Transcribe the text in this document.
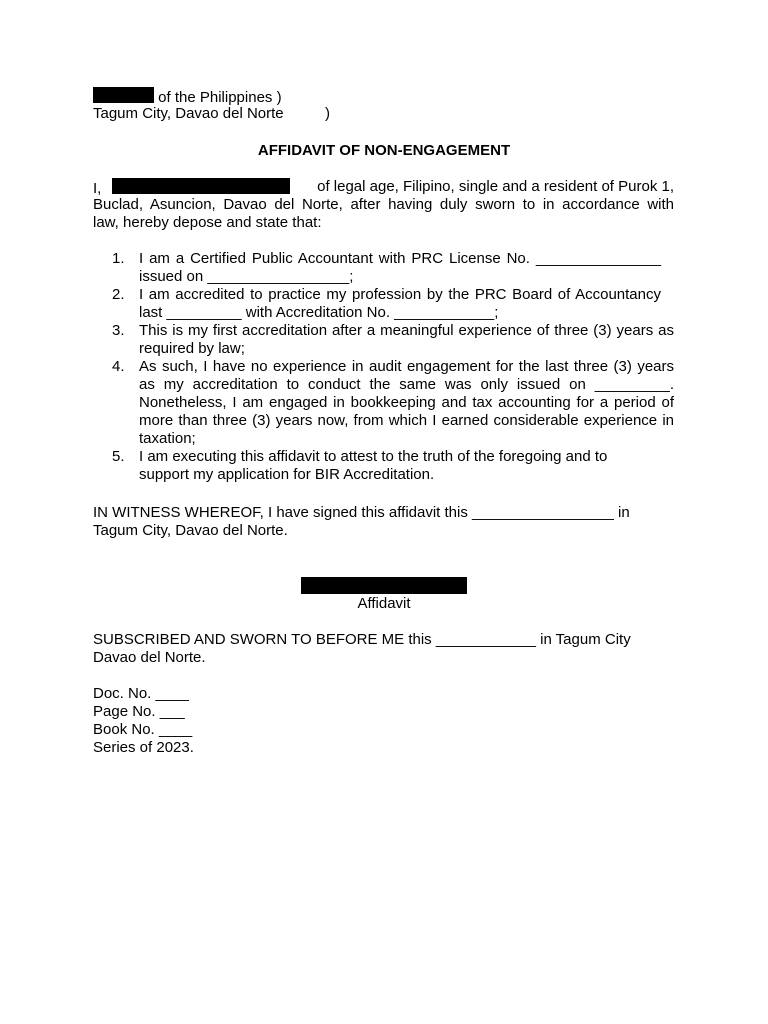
of the Philippines )
Tagum City, Davao del Norte	)
AFFIDAVIT OF NON-ENGAGEMENT
I,	of legal age, Filipino, single and a resident of Purok 1,
Buclad, Asuncion, Davao del Norte, after having duly sworn to in accordance with
law, hereby depose and state that:
1. I am a Certified Public Accountant with PRC License No. _______________ issued on _________________;
2. I am accredited to practice my profession by the PRC Board of Accountancy last _________ with Accreditation No. ____________;
3. This is my first accreditation after a meaningful experience of three (3) years as required by law;
4. As such, I have no experience in audit engagement for the last three (3) years as my accreditation to conduct the same was only issued on _________. Nonetheless, I am engaged in bookkeeping and tax accounting for a period of more than three (3) years now, from which I earned considerable experience in taxation;
5. I am executing this affidavit to attest to the truth of the foregoing and to support my application for BIR Accreditation.
IN WITNESS WHEREOF, I have signed this affidavit this _________________ in
Tagum City, Davao del Norte.
Affidavit
SUBSCRIBED AND SWORN TO BEFORE ME this ____________ in Tagum City
Davao del Norte.
Doc. No. ____
Page No. ___
Book No. ____
Series of 2023.
